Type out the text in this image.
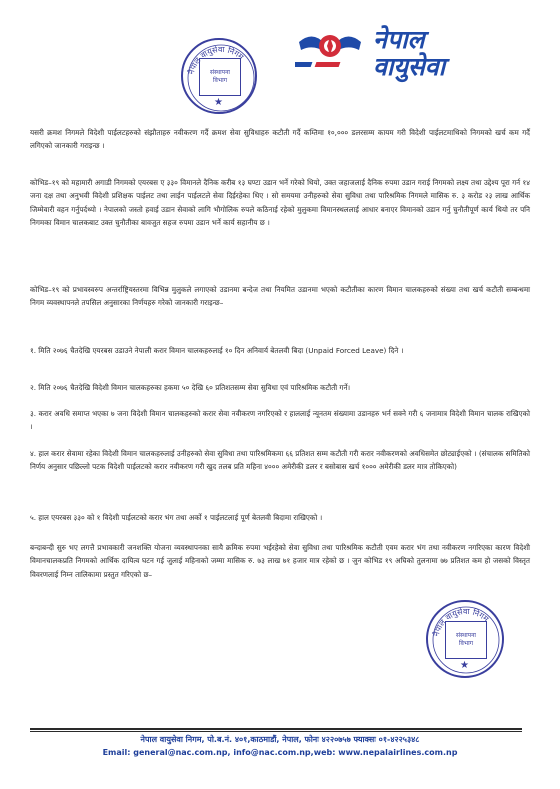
नेपाल वायुसेवा निगम
संस्थापना
विभाग
★
नेपाल
वायुसेवा

यसरी क्रमश निगमले विदेशी पाईलटहरुको संझौताहरु नवीकरण गर्दै क्रमश सेवा सुविधाहरु कटौती गर्दै कम्तिमा १०,००० डलरसम्म कायम गरी विदेशी पाईलटमाथिको निगमको खर्च कम गर्दै लगिएको जानकारी गराइन्छ ।

कोभिड–१९ को महामारी अगाडी निगमको एयरबस ए ३३० विमानले दैनिक करीब १३ घण्टा उडान भर्ने गरेको थियो, उक्त जहाजलाई दैनिक रुपमा उडान गराई निगमको लक्ष्य तथा उद्देश्य पूरा गर्न १४ जना दक्ष तथा अनुभवी विदेशी प्रशिक्षक पाईलट तथा लाईन पाईलटले सेवा दिईरहेका थिए । सो समयमा उनीहरुको सेवा सुविधा तथा पारिश्रमिक निगमले मासिक रु. ३ करोड २३ लाख आर्थिक जिम्मेवारी वहन गर्नुपर्दथ्यो । नेपालको जस्तो हवाई उडान सेवाको लागि भौगोलिक रुपले कठिनाई रहेको मुलुकमा विमानस्थललाई आधार बनाएर विमानको उडान गर्नु चुनौतीपूर्ण कार्य थियो तर पनि निगमका विमान चालकबाट उक्त चुनौतीका बावजुत सहज रुपमा उडान भर्ने कार्य सहानीय छ ।

कोभिड–१९ को प्रभावस्वरुप अन्तर्राष्ट्रियस्तरमा विभिन्न मुलुकले लगाएको उडानमा बन्देज तथा नियमित उडानमा भएको कटौतीका कारण विमान चालकहरुको संख्या तथा खर्च कटौती सम्बन्धमा निगम व्यवस्थापनले तपसिल अनुसारका निर्णयहरु गरेको जानकारी गराइन्छ–

१. मिति २०७६ चैतदेखि एयरबस उडाउने नेपाली करार विमान चालकहरुलाई १० दिन अनिवार्य बेतलवी बिदा (Unpaid Forced Leave) दिने ।

२. मिति २०७६ चैतदेखि विदेशी विमान चालकहरुका हकमा ५० देखि ६० प्रतिशतसम्म सेवा सुविधा एवं पारिश्रमिक कटौती गर्ने।

३. करार अवधि समाप्त भएका ७ जना विदेशी विमान चालकहरुको करार सेवा नवीकरण नगरिएको र हाललाई न्यूनतम संख्यामा उडानहरु भर्न सक्ने गरी ६ जनामात्र विदेशी विमान चालक राखिएको ।

४. हाल करार सेवामा रहेका विदेशी विमान चालकहरुलाई उनीहरुको सेवा सुविधा तथा पारिश्रमिकमा ६६ प्रतिशत सम्म कटौती गरी करार नवीकरणको अवधिसमेत छोट्याईएको । (संचालक समितिको निर्णय अनुसार पछिल्लो पटक विदेशी पाईलटको करार नवीकरण गरी खुद तलब प्रति महिना ४००० अमेरीकी डलर र बसोबास खर्च १००० अमेरीकी डलर मात्र तोकिएको)

५. हाल एयरबस ३३० को १ विदेशी पाईलटको करार भंग तथा अर्को १ पाईलटलाई पूर्ण बेतलवी बिदामा राखिएको ।

बन्दाबन्दी सुरु भए लगत्तै प्रभावकारी जनशक्ति योजना व्यवस्थापनका सायै क्रमिक रुपमा भईरहेको सेवा सुविधा तथा पारिश्रमिक कटौती एवम करार भंग तथा नवीकरण नगरिएका कारण विदेशी विमानचालकप्रति निगमको आर्थिक दायित्व घटन गई जुलाई महिनाको जम्मा मासिक रु. ७३ लाख ७१ हजार मात्र रहेको छ । जुन कोभिड १९ अघिको तुलनामा ७७ प्रतिशत कम हो जसको विस्तृत विवरणलाई निम्न तालिकामा प्रस्तुत गरिएको छ–

नेपाल वायुसेवा निगम
संस्थापना
विभाग
★
नेपाल वायुसेवा निगम, पो.ब.नं. ४०१,काठमाडौं, नेपाल, फोनः ४२२०७५७ फ्याक्सः ०१-४२२५३४८
Email: general@nac.com.np, info@nac.com.np,web: www.nepalairlines.com.np
